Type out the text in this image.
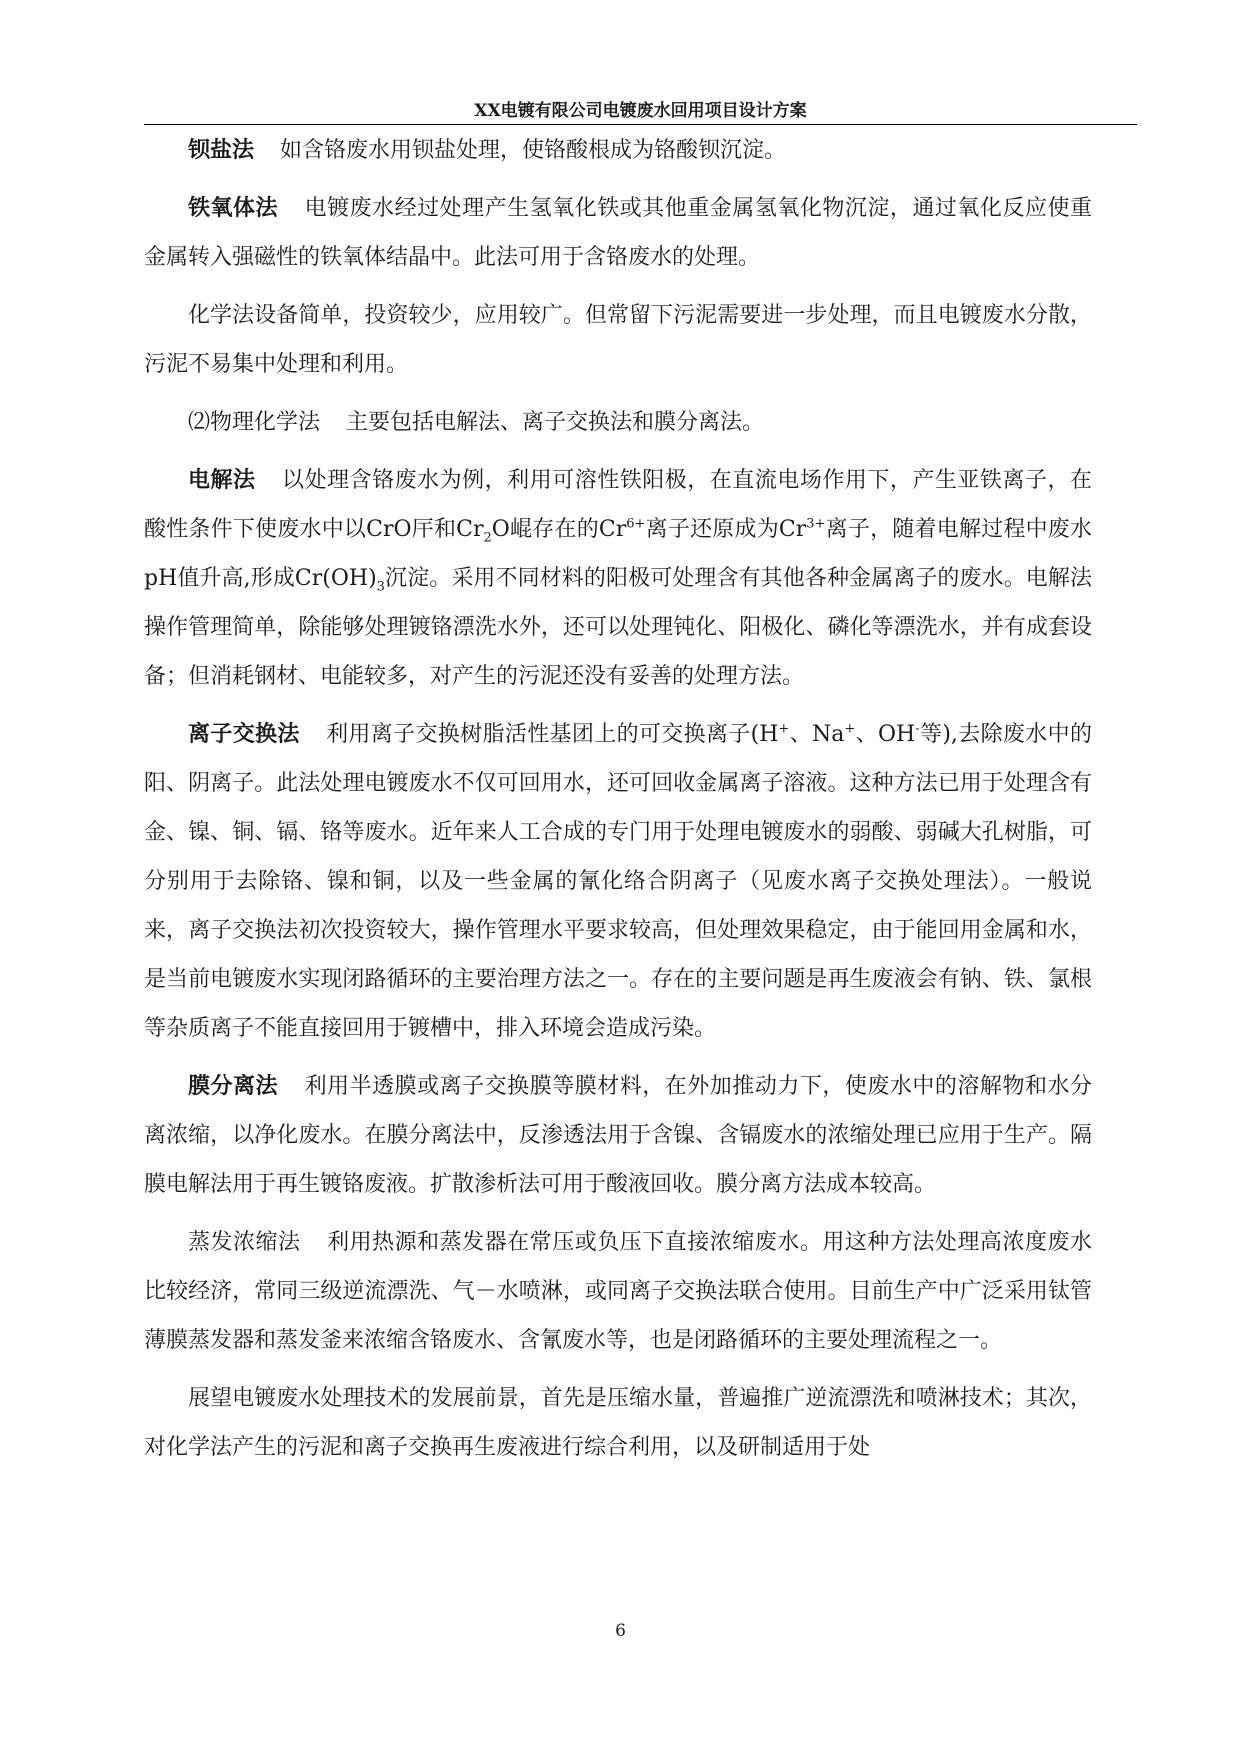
XX电镀有限公司电镀废水回用项目设计方案

钡盐法 如含铬废水用钡盐处理，使铬酸根成为铬酸钡沉淀。

铁氧体法 电镀废水经过处理产生氢氧化铁或其他重金属氢氧化物沉淀，通过氧化反应使重金属转入强磁性的铁氧体结晶中。此法可用于含铬废水的处理。

化学法设备简单，投资较少，应用较广。但常留下污泥需要进一步处理，而且电镀废水分散，污泥不易集中处理和利用。

⑵物理化学法 主要包括电解法、离子交换法和膜分离法。

电解法 以处理含铬废水为例，利用可溶性铁阳极，在直流电场作用下，产生亚铁离子，在酸性条件下使废水中以CrO厈和$Cr_2O$崐存在的$Cr^{6+}$离子还原成为$Cr^{3+}$离子，随着电解过程中废水pH值升高,形成$Cr(OH)_3$沉淀。采用不同材料的阳极可处理含有其他各种金属离子的废水。电解法操作管理简单，除能够处理镀铬漂洗水外，还可以处理钝化、阳极化、磷化等漂洗水，并有成套设备；但消耗钢材、电能较多，对产生的污泥还没有妥善的处理方法。

离子交换法 利用离子交换树脂活性基团上的可交换离子(H+、Na+、OH-等),去除废水中的阳、阴离子。此法处理电镀废水不仅可回用水，还可回收金属离子溶液。这种方法已用于处理含有金、镍、铜、镉、铬等废水。近年来人工合成的专门用于处理电镀废水的弱酸、弱碱大孔树脂，可分别用于去除铬、镍和铜，以及一些金属的氰化络合阴离子（见废水离子交换处理法）。一般说来，离子交换法初次投资较大，操作管理水平要求较高，但处理效果稳定，由于能回用金属和水，是当前电镀废水实现闭路循环的主要治理方法之一。存在的主要问题是再生废液会有钠、铁、氯根等杂质离子不能直接回用于镀槽中，排入环境会造成污染。

膜分离法 利用半透膜或离子交换膜等膜材料，在外加推动力下，使废水中的溶解物和水分离浓缩，以净化废水。在膜分离法中，反渗透法用于含镍、含镉废水的浓缩处理已应用于生产。隔膜电解法用于再生镀铬废液。扩散渗析法可用于酸液回收。膜分离方法成本较高。

蒸发浓缩法 利用热源和蒸发器在常压或负压下直接浓缩废水。用这种方法处理高浓度废水比较经济，常同三级逆流漂洗、气－水喷淋，或同离子交换法联合使用。目前生产中广泛采用钛管薄膜蒸发器和蒸发釜来浓缩含铬废水、含氰废水等，也是闭路循环的主要处理流程之一。

展望电镀废水处理技术的发展前景，首先是压缩水量，普遍推广逆流漂洗和喷淋技术；其次，对化学法产生的污泥和离子交换再生废液进行综合利用，以及研制适用于处

6
